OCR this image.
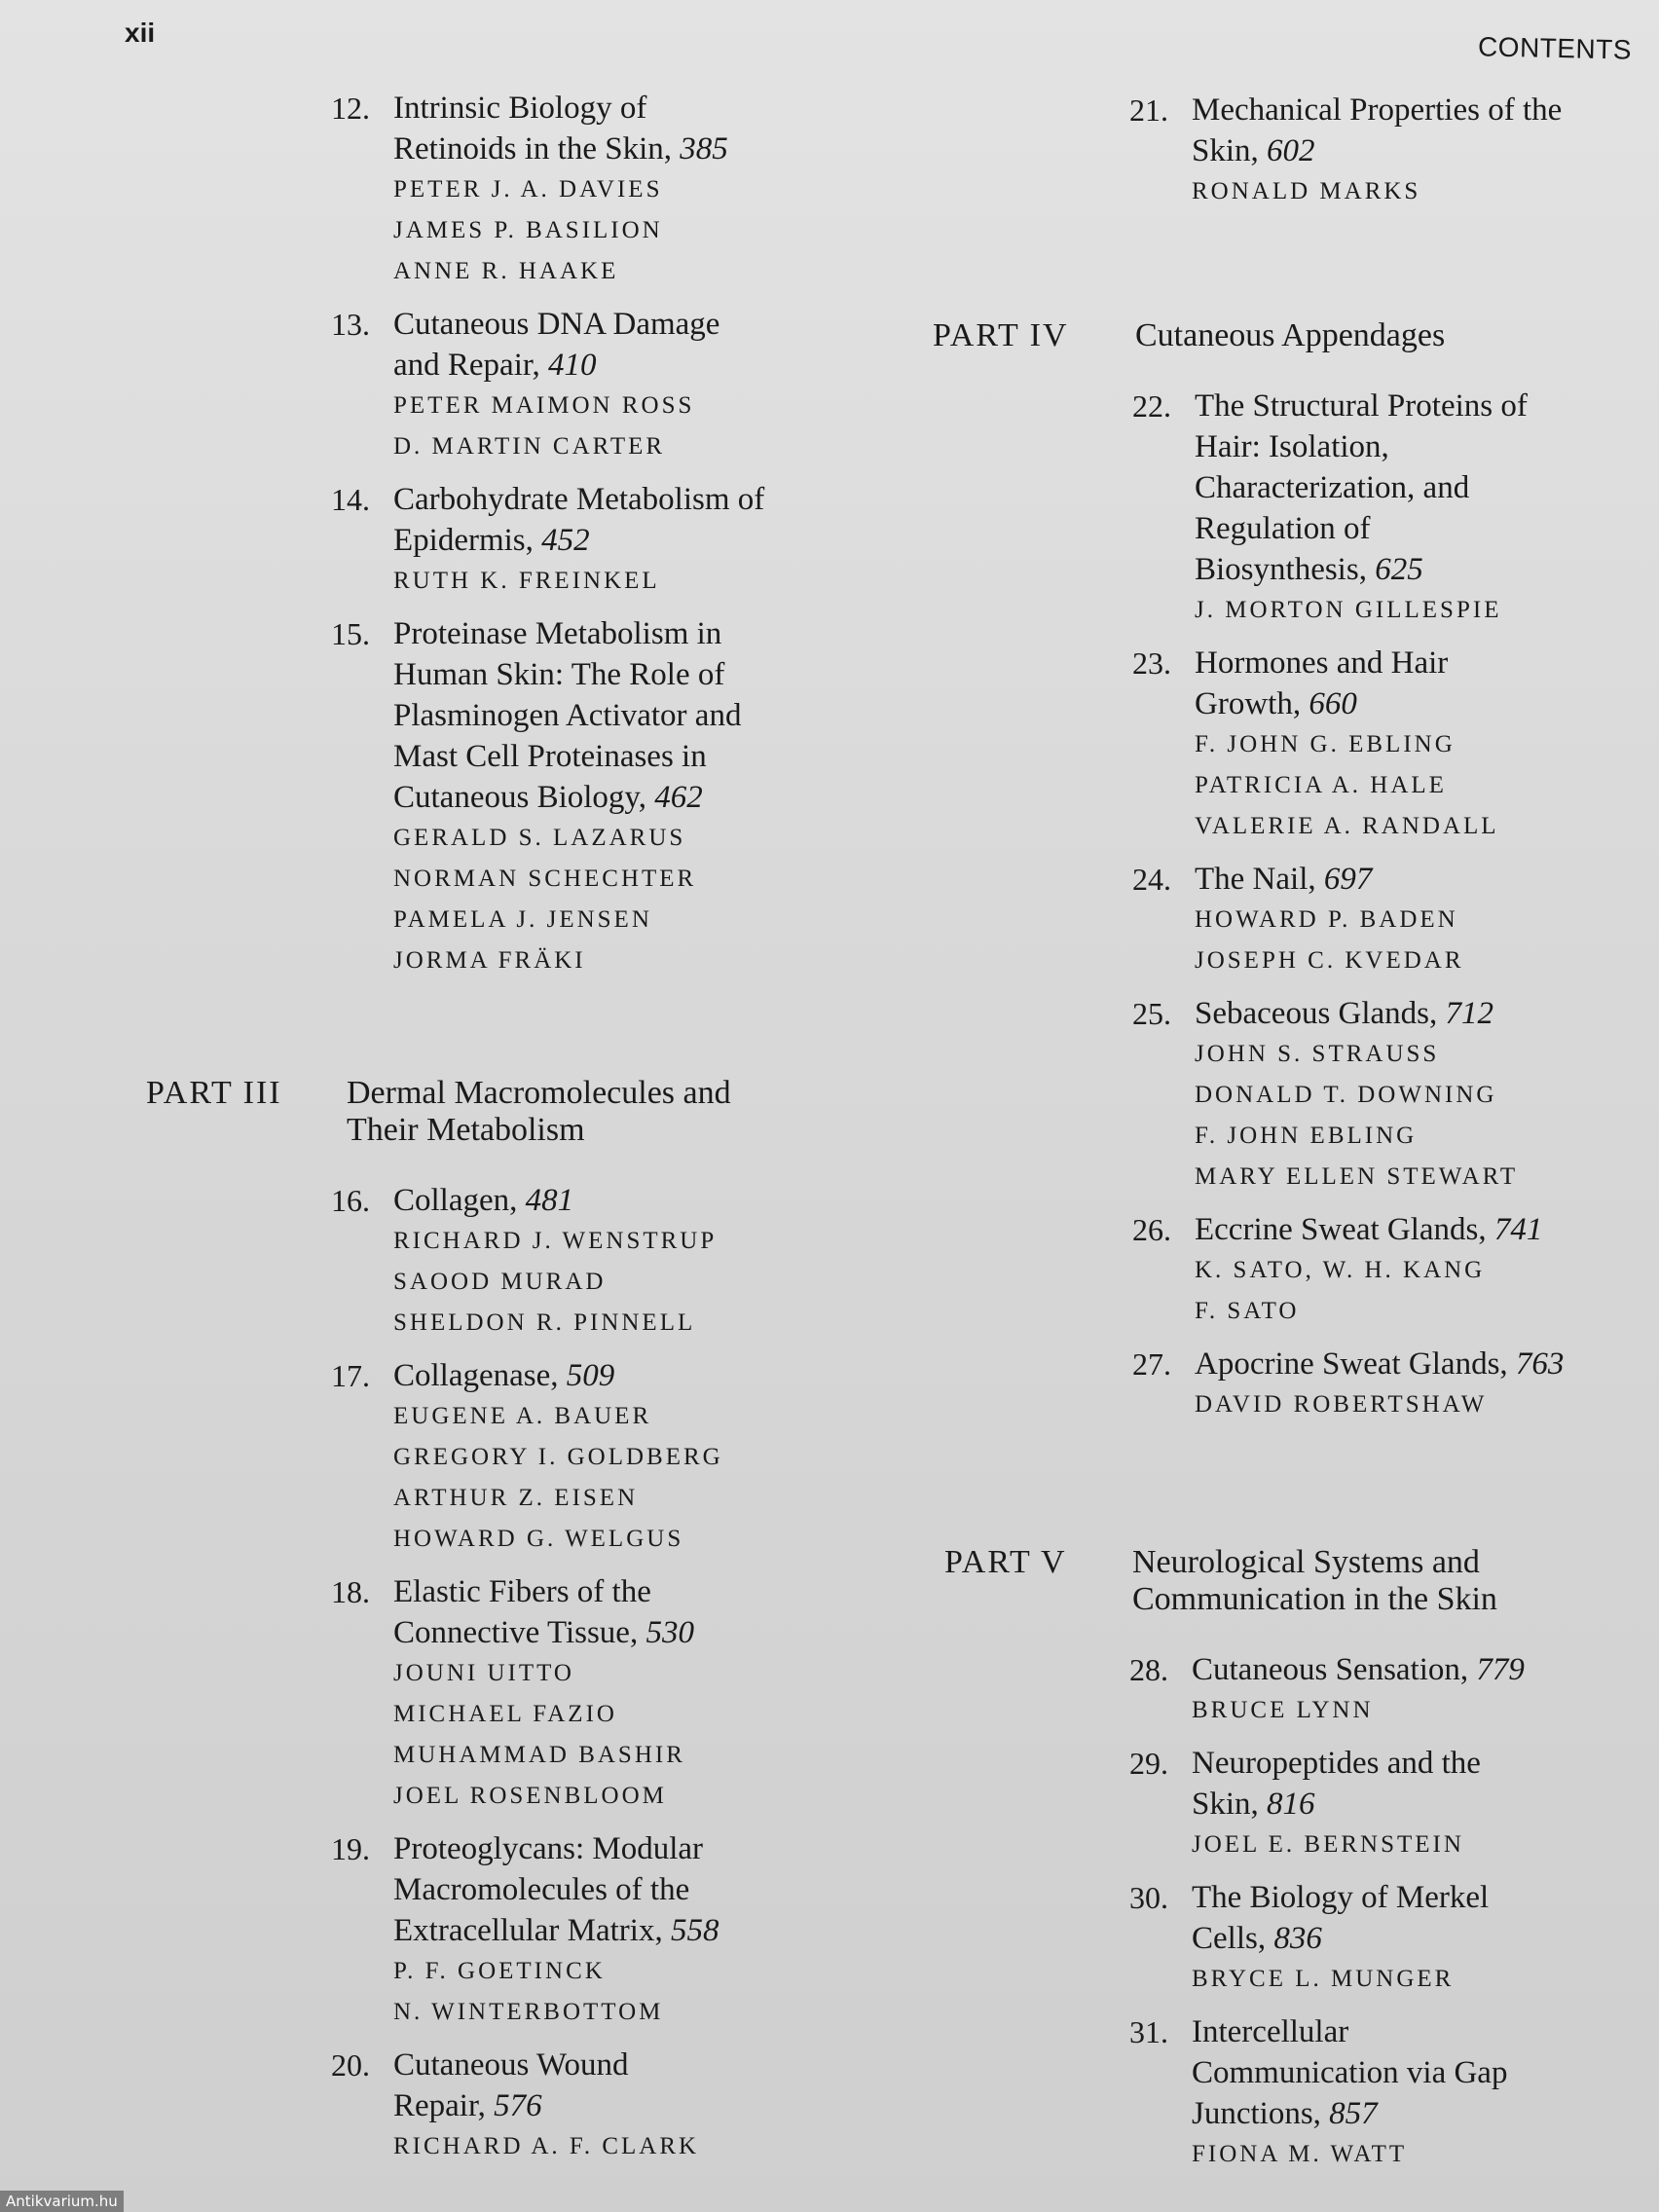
xii	CONTENTS
12. Intrinsic Biology of
Retinoids in the Skin, 385
PETER J. A. DAVIES
JAMES P. BASILION
ANNE R. HAAKE
13. Cutaneous DNA Damage
and Repair, 410
PETER MAIMON ROSS
D. MARTIN CARTER
14. Carbohydrate Metabolism of
Epidermis, 452
RUTH K. FREINKEL
15. Proteinase Metabolism in
Human Skin: The Role of
Plasminogen Activator and
Mast Cell Proteinases in
Cutaneous Biology, 462
GERALD S. LAZARUS
NORMAN SCHECHTER
PAMELA J. JENSEN
JORMA FRÄKI
PART III	Dermal Macromolecules and
Their Metabolism
16. Collagen, 481
RICHARD J. WENSTRUP
SAOOD MURAD
SHELDON R. PINNELL
17. Collagenase, 509
EUGENE A. BAUER
GREGORY I. GOLDBERG
ARTHUR Z. EISEN
HOWARD G. WELGUS
18. Elastic Fibers of the
Connective Tissue, 530
JOUNI UITTO
MICHAEL FAZIO
MUHAMMAD BASHIR
JOEL ROSENBLOOM
19. Proteoglycans: Modular
Macromolecules of the
Extracellular Matrix, 558
P. F. GOETINCK
N. WINTERBOTTOM
20. Cutaneous Wound
Repair, 576
RICHARD A. F. CLARK
21. Mechanical Properties of the
Skin, 602
RONALD MARKS
PART IV	Cutaneous Appendages
22. The Structural Proteins of
Hair: Isolation,
Characterization, and
Regulation of
Biosynthesis, 625
J. MORTON GILLESPIE
23. Hormones and Hair
Growth, 660
F. JOHN G. EBLING
PATRICIA A. HALE
VALERIE A. RANDALL
24. The Nail, 697
HOWARD P. BADEN
JOSEPH C. KVEDAR
25. Sebaceous Glands, 712
JOHN S. STRAUSS
DONALD T. DOWNING
F. JOHN EBLING
MARY ELLEN STEWART
26. Eccrine Sweat Glands, 741
K. SATO, W. H. KANG
F. SATO
27. Apocrine Sweat Glands, 763
DAVID ROBERTSHAW
PART V	Neurological Systems and
Communication in the Skin
28. Cutaneous Sensation, 779
BRUCE LYNN
29. Neuropeptides and the
Skin, 816
JOEL E. BERNSTEIN
30. The Biology of Merkel
Cells, 836
BRYCE L. MUNGER
31. Intercellular
Communication via Gap
Junctions, 857
FIONA M. WATT
Antikvarium.hu
